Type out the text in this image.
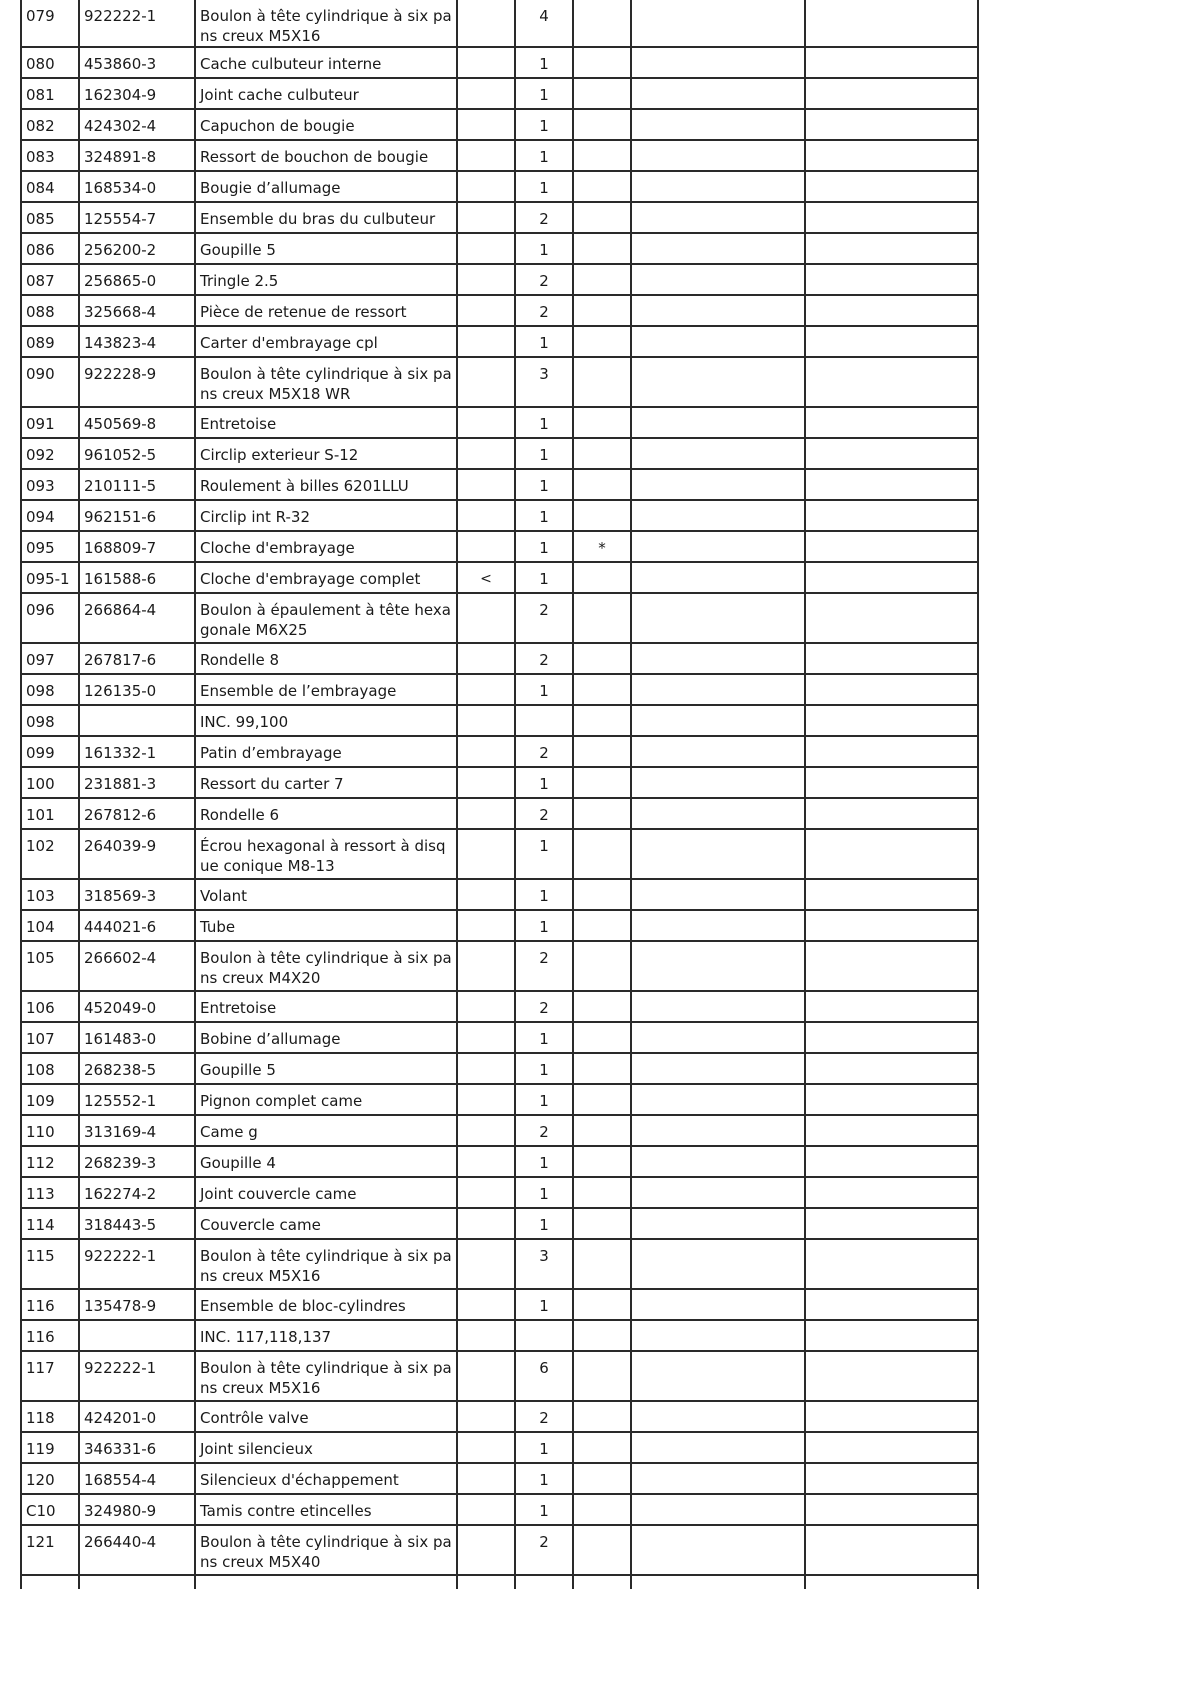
079	922222-1	Boulon à tête cylindrique à six pans creux M5X16		4			

080	453860-3	Cache culbuteur interne		1			

081	162304-9	Joint cache culbuteur		1			

082	424302-4	Capuchon de bougie		1			

083	324891-8	Ressort de bouchon de bougie		1			

084	168534-0	Bougie d’allumage		1			

085	125554-7	Ensemble du bras du culbuteur		2			

086	256200-2	Goupille 5		1			

087	256865-0	Tringle 2.5		2			

088	325668-4	Pièce de retenue de ressort		2			

089	143823-4	Carter d'embrayage cpl		1			

090	922228-9	Boulon à tête cylindrique à six pans creux M5X18 WR		3			

091	450569-8	Entretoise		1			

092	961052-5	Circlip exterieur S-12		1			

093	210111-5	Roulement à billes 6201LLU		1			

094	962151-6	Circlip int R-32		1			

095	168809-7	Cloche d'embrayage		1	*		

095-1	161588-6	Cloche d'embrayage complet	<	1			

096	266864-4	Boulon à épaulement à tête hexagonale M6X25		2			

097	267817-6	Rondelle 8		2			

098	126135-0	Ensemble de l’embrayage		1			

098		INC. 99,100					

099	161332-1	Patin d’embrayage		2			

100	231881-3	Ressort du carter 7		1			

101	267812-6	Rondelle 6		2			

102	264039-9	Écrou hexagonal à ressort à disque conique M8-13		1			

103	318569-3	Volant		1			

104	444021-6	Tube		1			

105	266602-4	Boulon à tête cylindrique à six pans creux M4X20		2			

106	452049-0	Entretoise		2			

107	161483-0	Bobine d’allumage		1			

108	268238-5	Goupille 5		1			

109	125552-1	Pignon complet came		1			

110	313169-4	Came g		2			

112	268239-3	Goupille 4		1			

113	162274-2	Joint couvercle came		1			

114	318443-5	Couvercle came		1			

115	922222-1	Boulon à tête cylindrique à six pans creux M5X16		3			

116	135478-9	Ensemble de bloc-cylindres		1			

116		INC. 117,118,137					

117	922222-1	Boulon à tête cylindrique à six pans creux M5X16		6			

118	424201-0	Contrôle valve		2			

119	346331-6	Joint silencieux		1			

120	168554-4	Silencieux d'échappement		1			

C10	324980-9	Tamis contre etincelles		1			

121	266440-4	Boulon à tête cylindrique à six pans creux M5X40		2			
